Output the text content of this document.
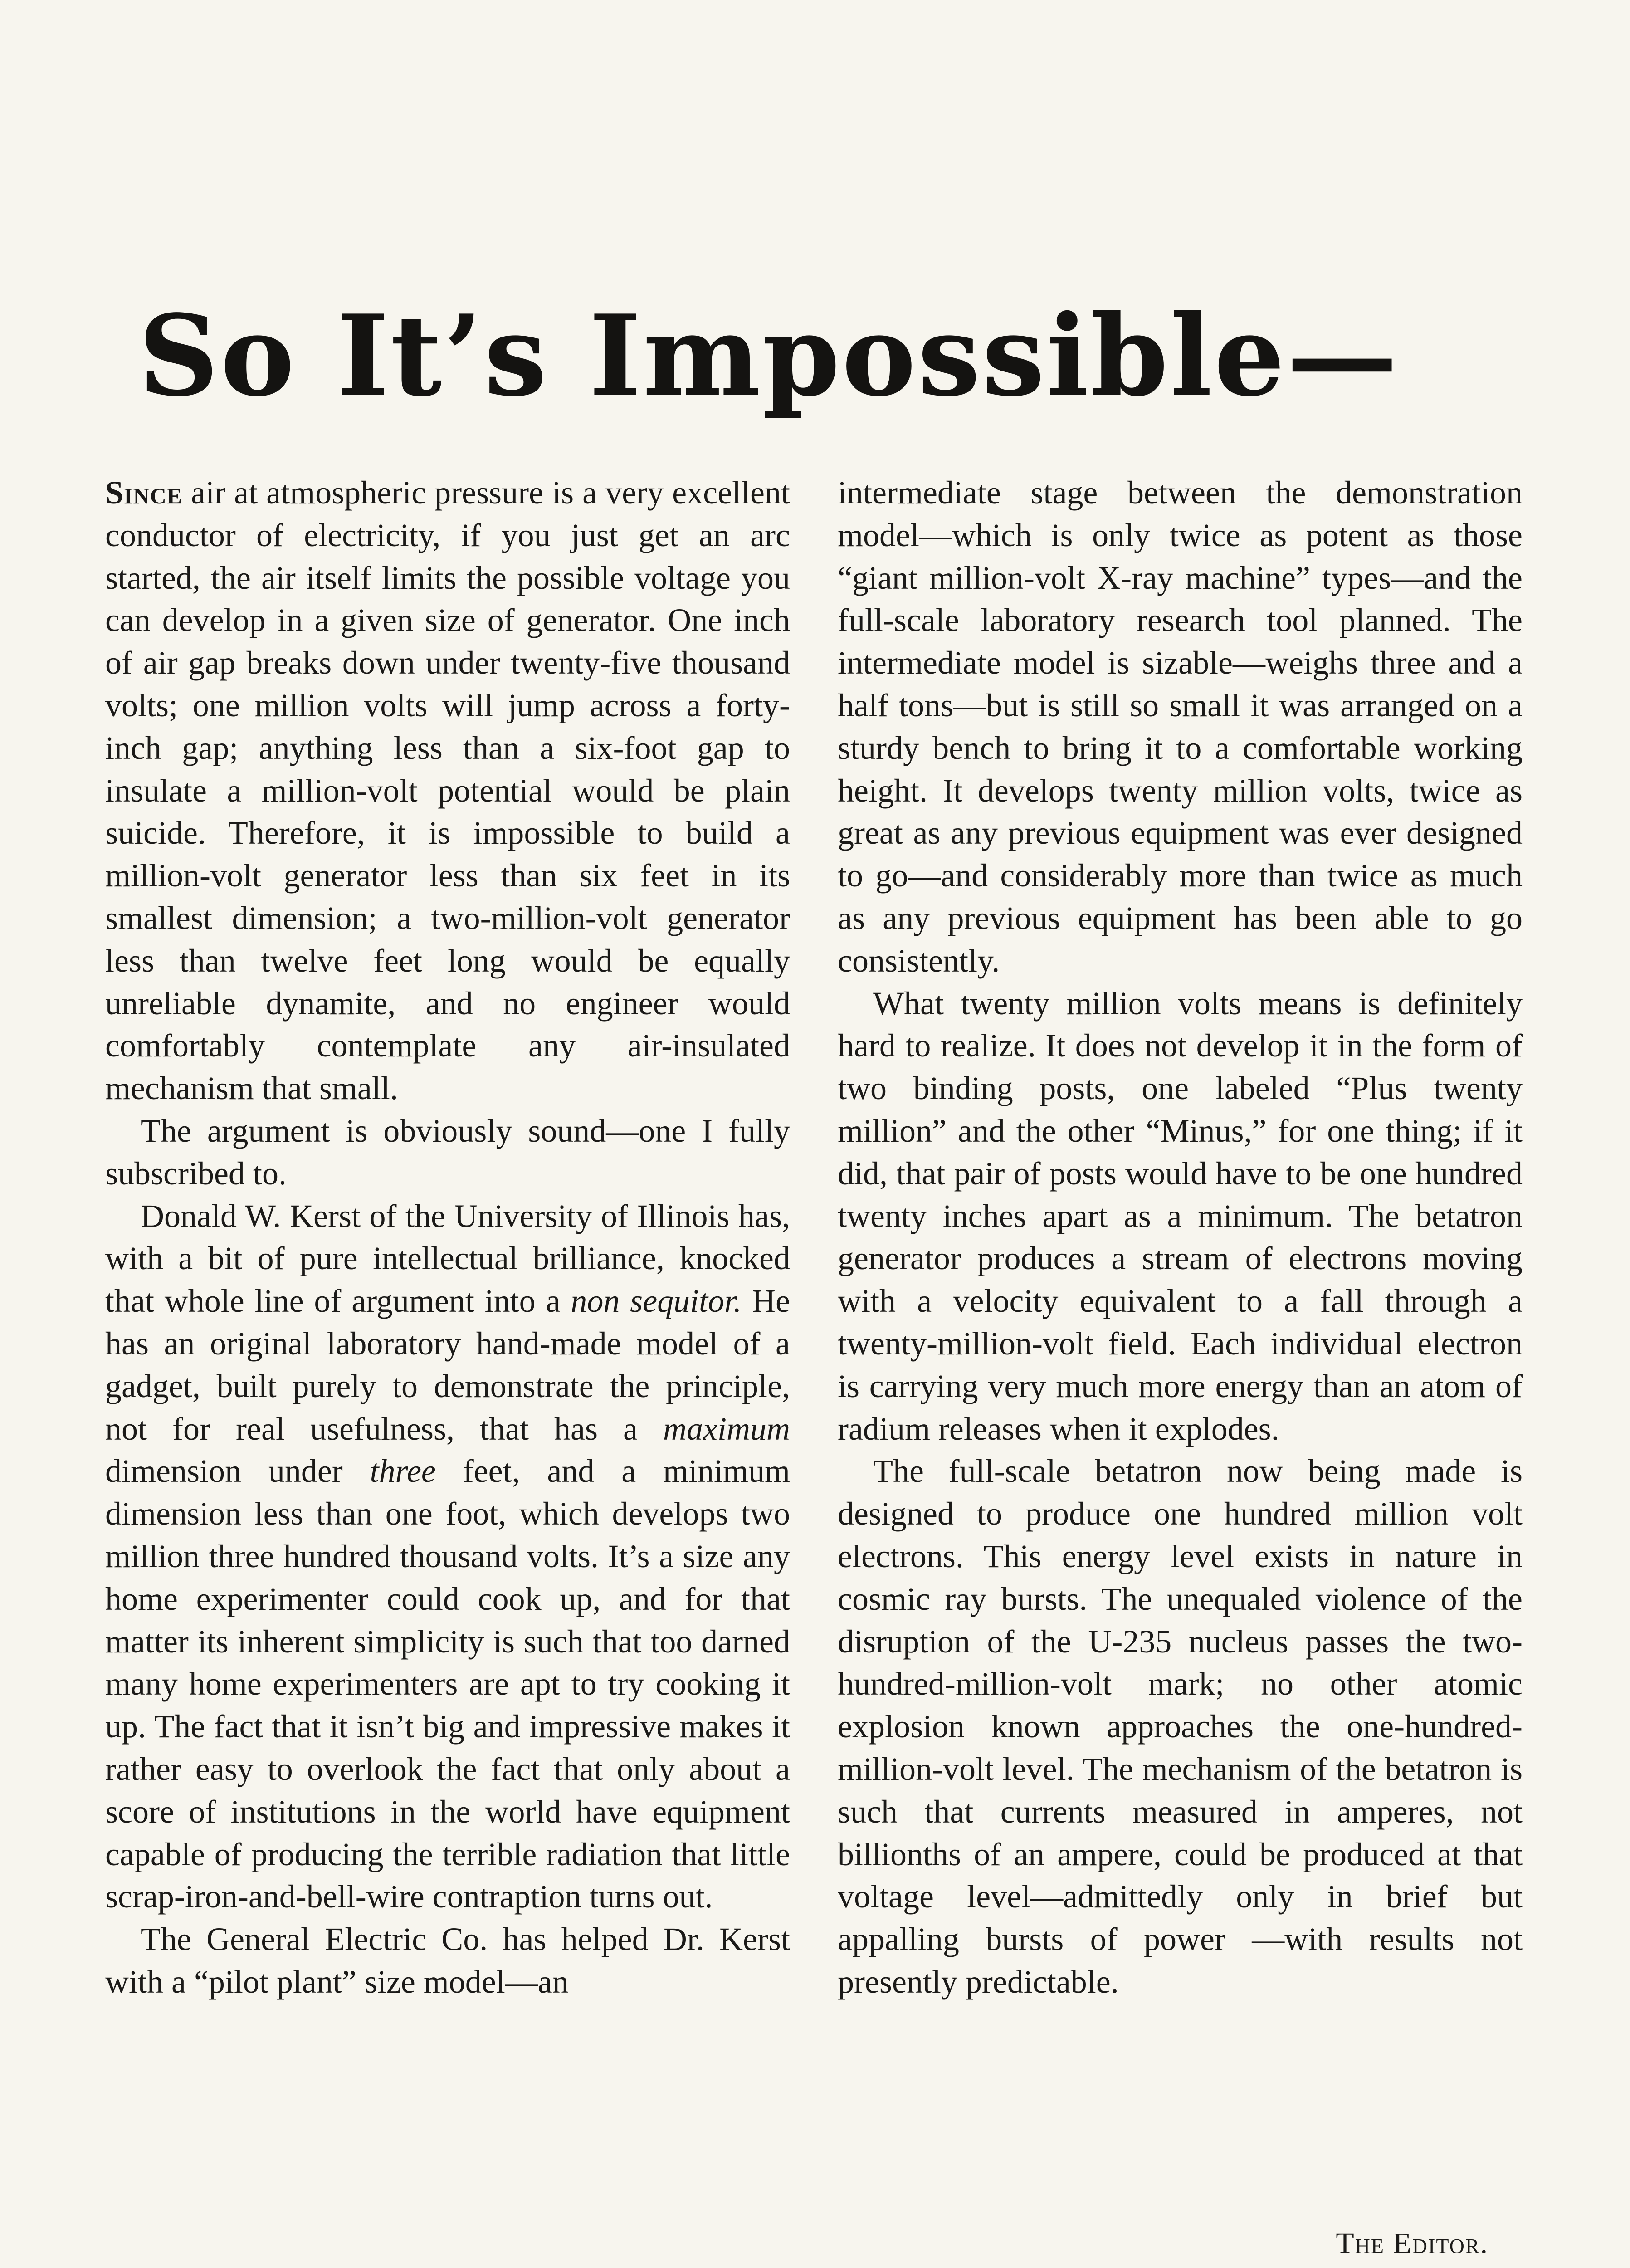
So It’s Impossible—

Since air at atmospheric pressure is a very excellent conductor of electricity, if you just get an arc started, the air itself limits the possible voltage you can develop in a given size of generator. One inch of air gap breaks down under twenty-five thousand volts; one million volts will jump across a forty-inch gap; anything less than a six-foot gap to insulate a million-volt potential would be plain suicide. Therefore, it is impossible to build a million-volt generator less than six feet in its smallest dimension; a two-million-volt generator less than twelve feet long would be equally unreliable dynamite, and no engineer would comfortably contemplate any air-insulated mechanism that small.

The argument is obviously sound—one I fully subscribed to.

Donald W. Kerst of the University of Illinois has, with a bit of pure intellectual brilliance, knocked that whole line of argument into a non sequitor. He has an original laboratory hand-made model of a gadget, built purely to demonstrate the principle, not for real usefulness, that has a maximum dimension under three feet, and a minimum dimension less than one foot, which develops two million three hundred thousand volts. It’s a size any home experimenter could cook up, and for that matter its inherent simplicity is such that too darned many home experimenters are apt to try cooking it up. The fact that it isn’t big and impressive makes it rather easy to overlook the fact that only about a score of institutions in the world have equipment capable of producing the terrible radiation that little scrap-iron-and-bell-wire contraption turns out.

The General Electric Co. has helped Dr. Kerst with a “pilot plant” size model—an

intermediate stage between the demonstration model—which is only twice as potent as those “giant million-volt X-ray machine” types—and the full-scale laboratory research tool planned. The intermediate model is sizable—weighs three and a half tons—but is still so small it was arranged on a sturdy bench to bring it to a comfortable working height. It develops twenty million volts, twice as great as any previous equipment was ever designed to go—and considerably more than twice as much as any previous equipment has been able to go consistently.

What twenty million volts means is definitely hard to realize. It does not develop it in the form of two binding posts, one labeled “Plus twenty million” and the other “Minus,” for one thing; if it did, that pair of posts would have to be one hundred twenty inches apart as a minimum. The betatron generator produces a stream of electrons moving with a velocity equivalent to a fall through a twenty-million-volt field. Each individual electron is carrying very much more energy than an atom of radium releases when it explodes.

The full-scale betatron now being made is designed to produce one hundred million volt electrons. This energy level exists in nature in cosmic ray bursts. The unequaled violence of the disruption of the U-235 nucleus passes the two-hundred-million-volt mark; no other atomic explosion known approaches the one-hundred-million-volt level. The mechanism of the betatron is such that currents measured in amperes, not billionths of an ampere, could be produced at that voltage level—admittedly only in brief but appalling bursts of power —with results not presently predictable.

The Editor.
